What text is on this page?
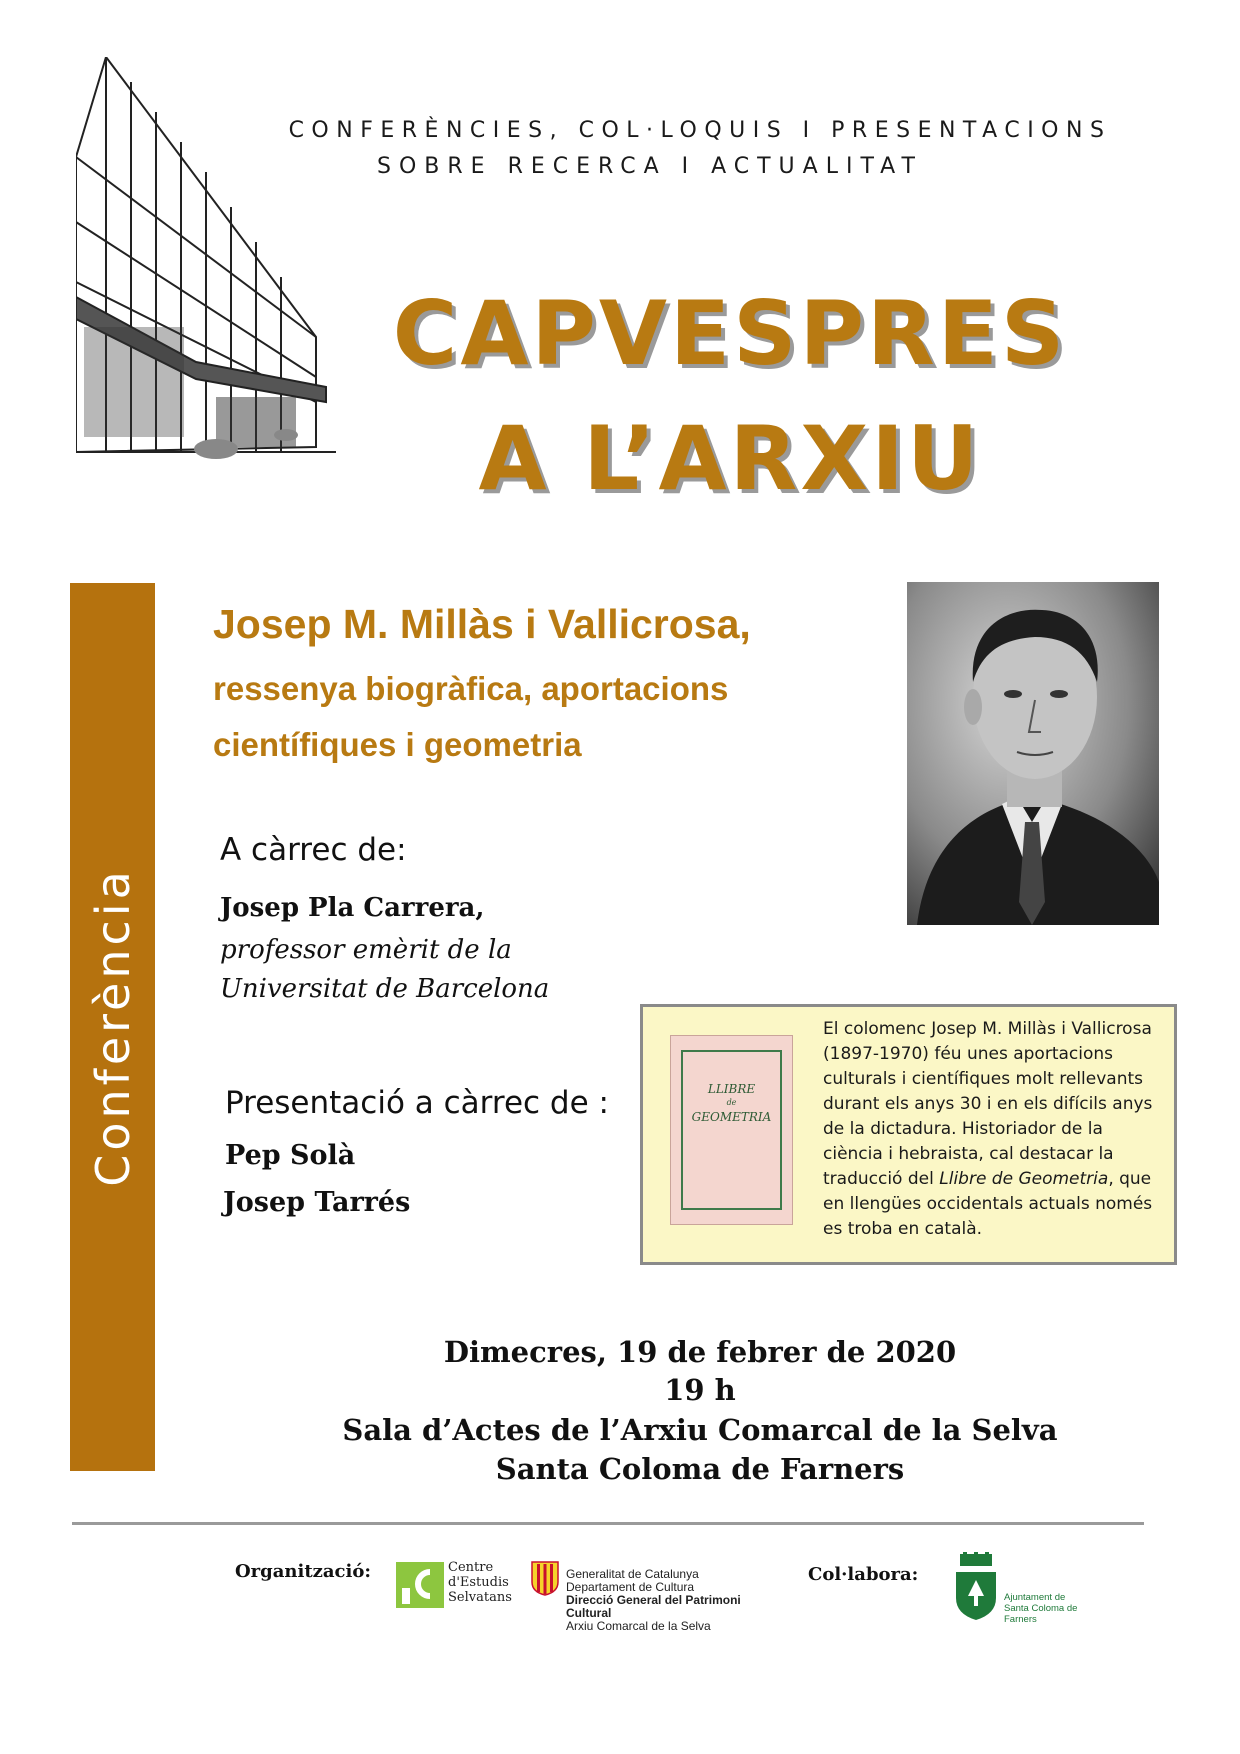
CONFERÈNCIES, COL·LOQUIS I PRESENTACIONS
SOBRE RECERCA I ACTUALITAT
CAPVESPRES
A L’ARXIU
Conferència
Josep M. Millàs i Vallicrosa,
ressenya biogràfica, aportacions
científiques i geometria
A càrrec de:
Josep Pla Carrera,
professor emèrit de la
Universitat de Barcelona
Presentació a càrrec de :
Pep Solà
Josep Tarrés
LLIBRE
de
GEOMETRIA
El colomenc Josep M. Millàs i Vallicrosa (1897-1970) féu unes aportacions culturals i científiques molt rellevants durant els anys 30 i en els difícils anys de la dictadura. Historiador de la ciència i hebraista, cal destacar la traducció del Llibre de Geometria, que en llengües occidentals actuals només es troba en català.
Dimecres, 19 de febrer de 2020
19 h
Sala d’Actes de l’Arxiu Comarcal de la Selva
Santa Coloma de Farners
Organització:	Centre
d'Estudis
Selvatans
Generalitat de Catalunya
Departament de Cultura
Direcció General del Patrimoni Cultural
Arxiu Comarcal de la Selva
Col·labora:
Ajuntament de
Santa Coloma de Farners
